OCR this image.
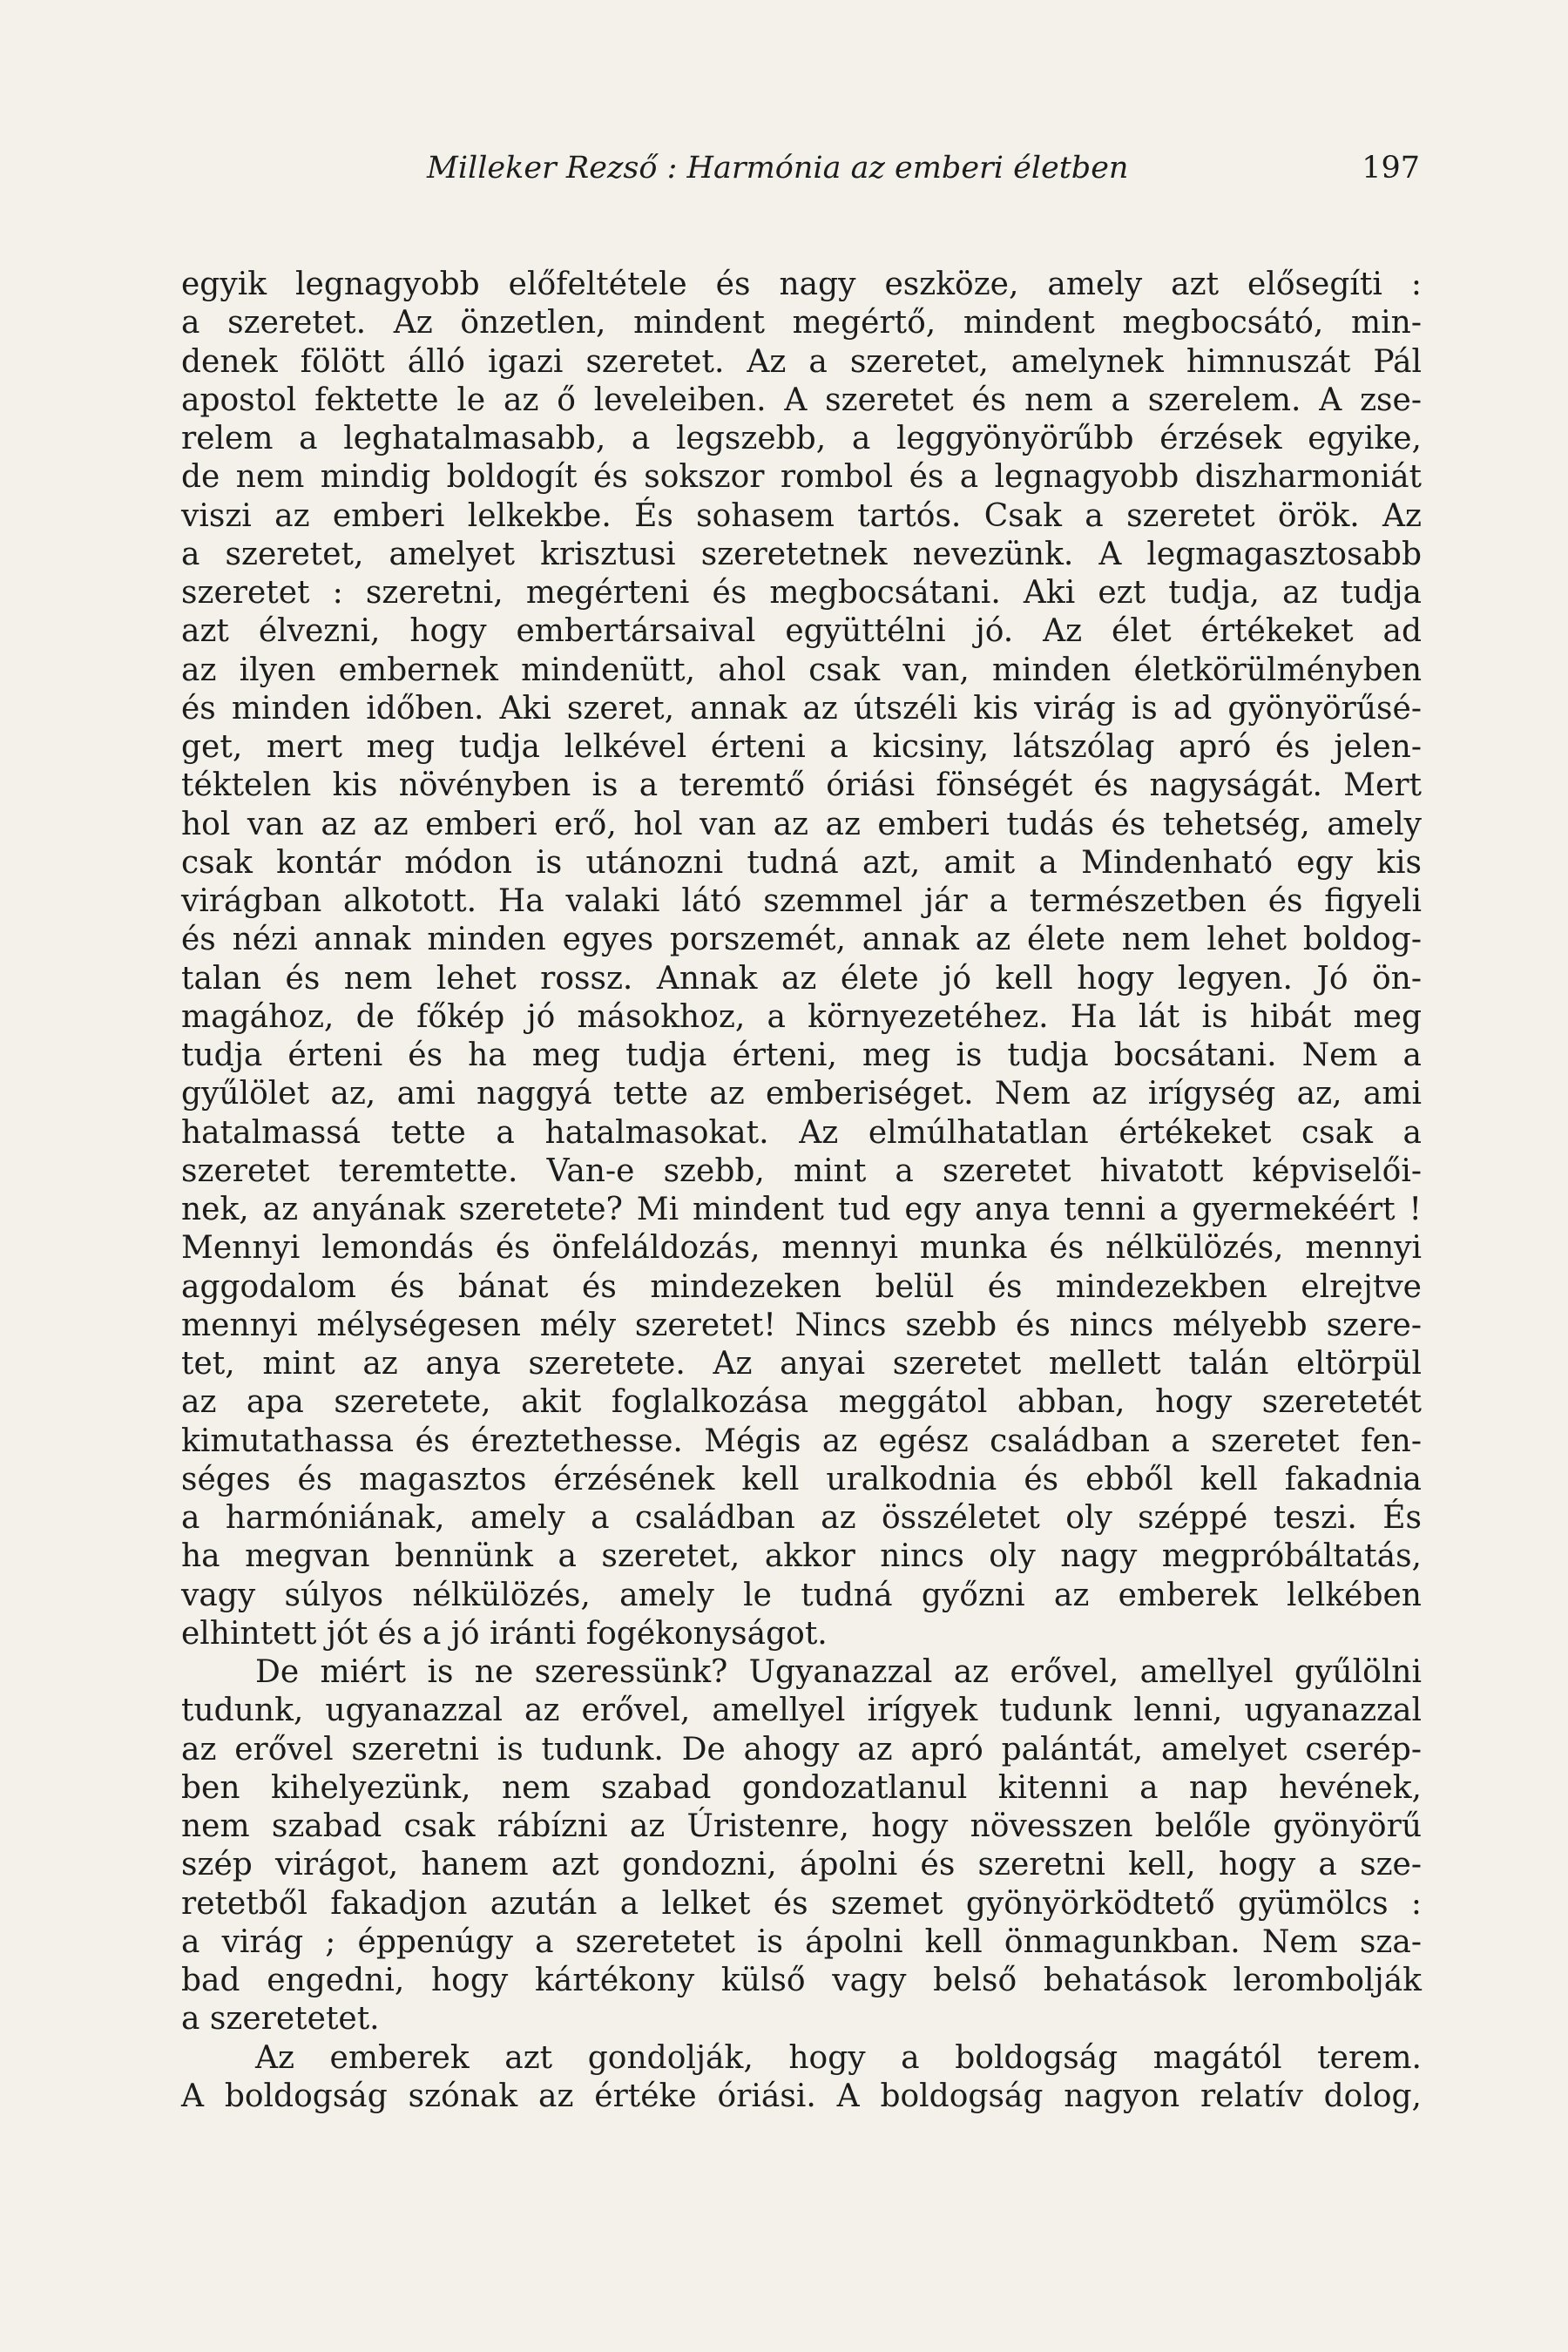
Milleker Rezső : Harmónia az emberi életben	197
egyik legnagyobb előfeltétele és nagy eszköze, amely azt elősegíti :
a szeretet. Az önzetlen, mindent megértő, mindent megbocsátó, min-
denek fölött álló igazi szeretet. Az a szeretet, amelynek himnuszát Pál
apostol fektette le az ő leveleiben. A szeretet és nem a szerelem. A zse-
relem a leghatalmasabb, a legszebb, a leggyönyörűbb érzések egyike,
de nem mindig boldogít és sokszor rombol és a legnagyobb diszharmoniát
viszi az emberi lelkekbe. És sohasem tartós. Csak a szeretet örök. Az
a szeretet, amelyet krisztusi szeretetnek nevezünk. A legmagasztosabb
szeretet : szeretni, megérteni és megbocsátani. Aki ezt tudja, az tudja
azt élvezni, hogy embertársaival együttélni jó. Az élet értékeket ad
az ilyen embernek mindenütt, ahol csak van, minden életkörülményben
és minden időben. Aki szeret, annak az útszéli kis virág is ad gyönyörűsé-
get, mert meg tudja lelkével érteni a kicsiny, látszólag apró és jelen-
téktelen kis növényben is a teremtő óriási fönségét és nagyságát. Mert
hol van az az emberi erő, hol van az az emberi tudás és tehetség, amely
csak kontár módon is utánozni tudná azt, amit a Mindenható egy kis
virágban alkotott. Ha valaki látó szemmel jár a természetben és figyeli
és nézi annak minden egyes porszemét, annak az élete nem lehet boldog-
talan és nem lehet rossz. Annak az élete jó kell hogy legyen. Jó ön-
magához, de főkép jó másokhoz, a környezetéhez. Ha lát is hibát meg
tudja érteni és ha meg tudja érteni, meg is tudja bocsátani. Nem a
gyűlölet az, ami naggyá tette az emberiséget. Nem az irígység az, ami
hatalmassá tette a hatalmasokat. Az elmúlhatatlan értékeket csak a
szeretet teremtette. Van-e szebb, mint a szeretet hivatott képviselői-
nek, az anyának szeretete? Mi mindent tud egy anya tenni a gyermekéért !
Mennyi lemondás és önfeláldozás, mennyi munka és nélkülözés, mennyi
aggodalom és bánat és mindezeken belül és mindezekben elrejtve
mennyi mélységesen mély szeretet! Nincs szebb és nincs mélyebb szere-
tet, mint az anya szeretete. Az anyai szeretet mellett talán eltörpül
az apa szeretete, akit foglalkozása meggátol abban, hogy szeretetét
kimutathassa és éreztethesse. Mégis az egész családban a szeretet fen-
séges és magasztos érzésének kell uralkodnia és ebből kell fakadnia
a harmóniának, amely a családban az összéletet oly széppé teszi. És
ha megvan bennünk a szeretet, akkor nincs oly nagy megpróbáltatás,
vagy súlyos nélkülözés, amely le tudná győzni az emberek lelkében
elhintett jót és a jó iránti fogékonyságot.
De miért is ne szeressünk? Ugyanazzal az erővel, amellyel gyűlölni
tudunk, ugyanazzal az erővel, amellyel irígyek tudunk lenni, ugyanazzal
az erővel szeretni is tudunk. De ahogy az apró palántát, amelyet cserép-
ben kihelyezünk, nem szabad gondozatlanul kitenni a nap hevének,
nem szabad csak rábízni az Úristenre, hogy növesszen belőle gyönyörű
szép virágot, hanem azt gondozni, ápolni és szeretni kell, hogy a sze-
retetből fakadjon azután a lelket és szemet gyönyörködtető gyümölcs :
a virág ; éppenúgy a szeretetet is ápolni kell önmagunkban. Nem sza-
bad engedni, hogy kártékony külső vagy belső behatások lerombolják
a szeretetet.
Az emberek azt gondolják, hogy a boldogság magától terem.
A boldogság szónak az értéke óriási. A boldogság nagyon relatív dolog,
